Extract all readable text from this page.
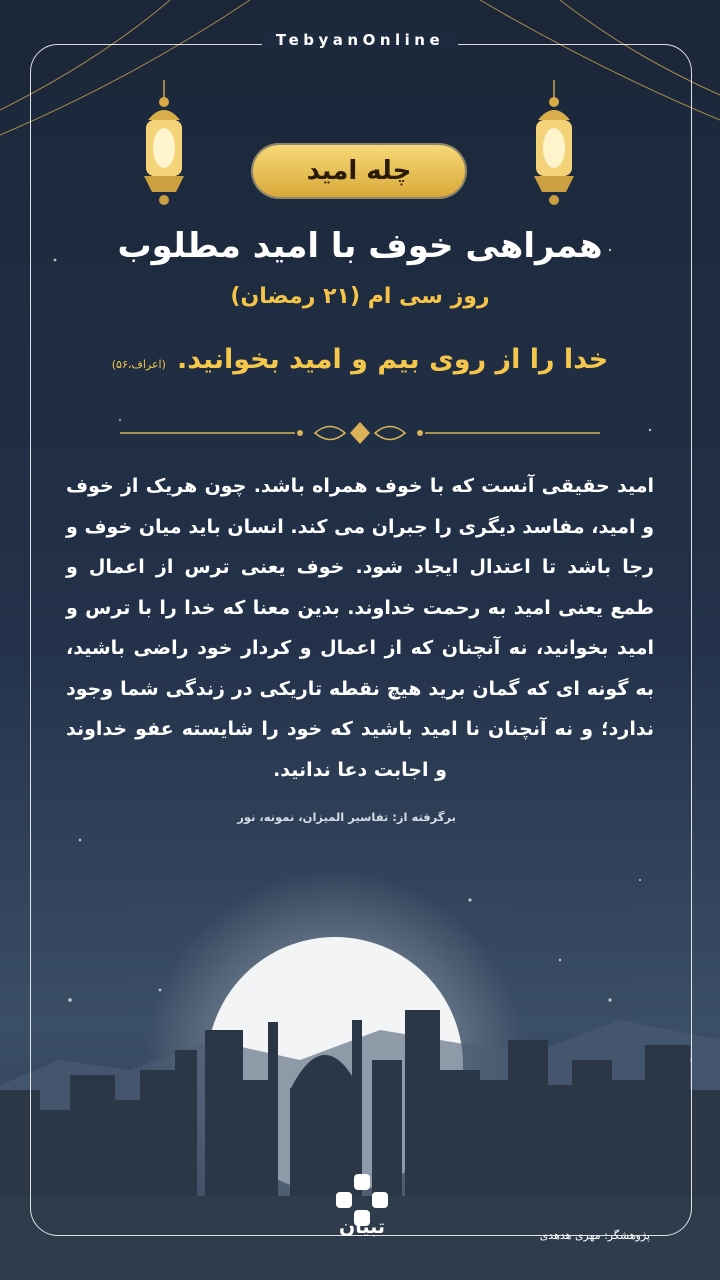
TebyanOnline
چله امید
همراهی خوف با امید مطلوب
روز سی ام (۲۱ رمضان)
خدا را از روی بیم و امید بخوانید. (اعراف،۵۶)
امید حقیقی آنست که با خوف همراه باشد. چون هریک از خوف و امید، مفاسد دیگری را جبران می کند. انسان باید میان خوف و رجا باشد تا اعتدال ایجاد شود. خوف یعنی ترس از اعمال و طمع یعنی امید به رحمت خداوند. بدین معنا که خدا را با ترس و امید بخوانید، نه آنچنان که از اعمال و کردار خود راضی باشید، به گونه ای که گمان برید هیچ نقطه تاریکی در زندگی شما وجود ندارد؛ و نه آنچنان نا امید باشید که خود را شایسته عفو خداوند و اجابت دعا ندانید.
برگرفته از: تفاسیر المیزان، نمونه، نور
تبیان	پژوهشگر: مهری هدهدی
